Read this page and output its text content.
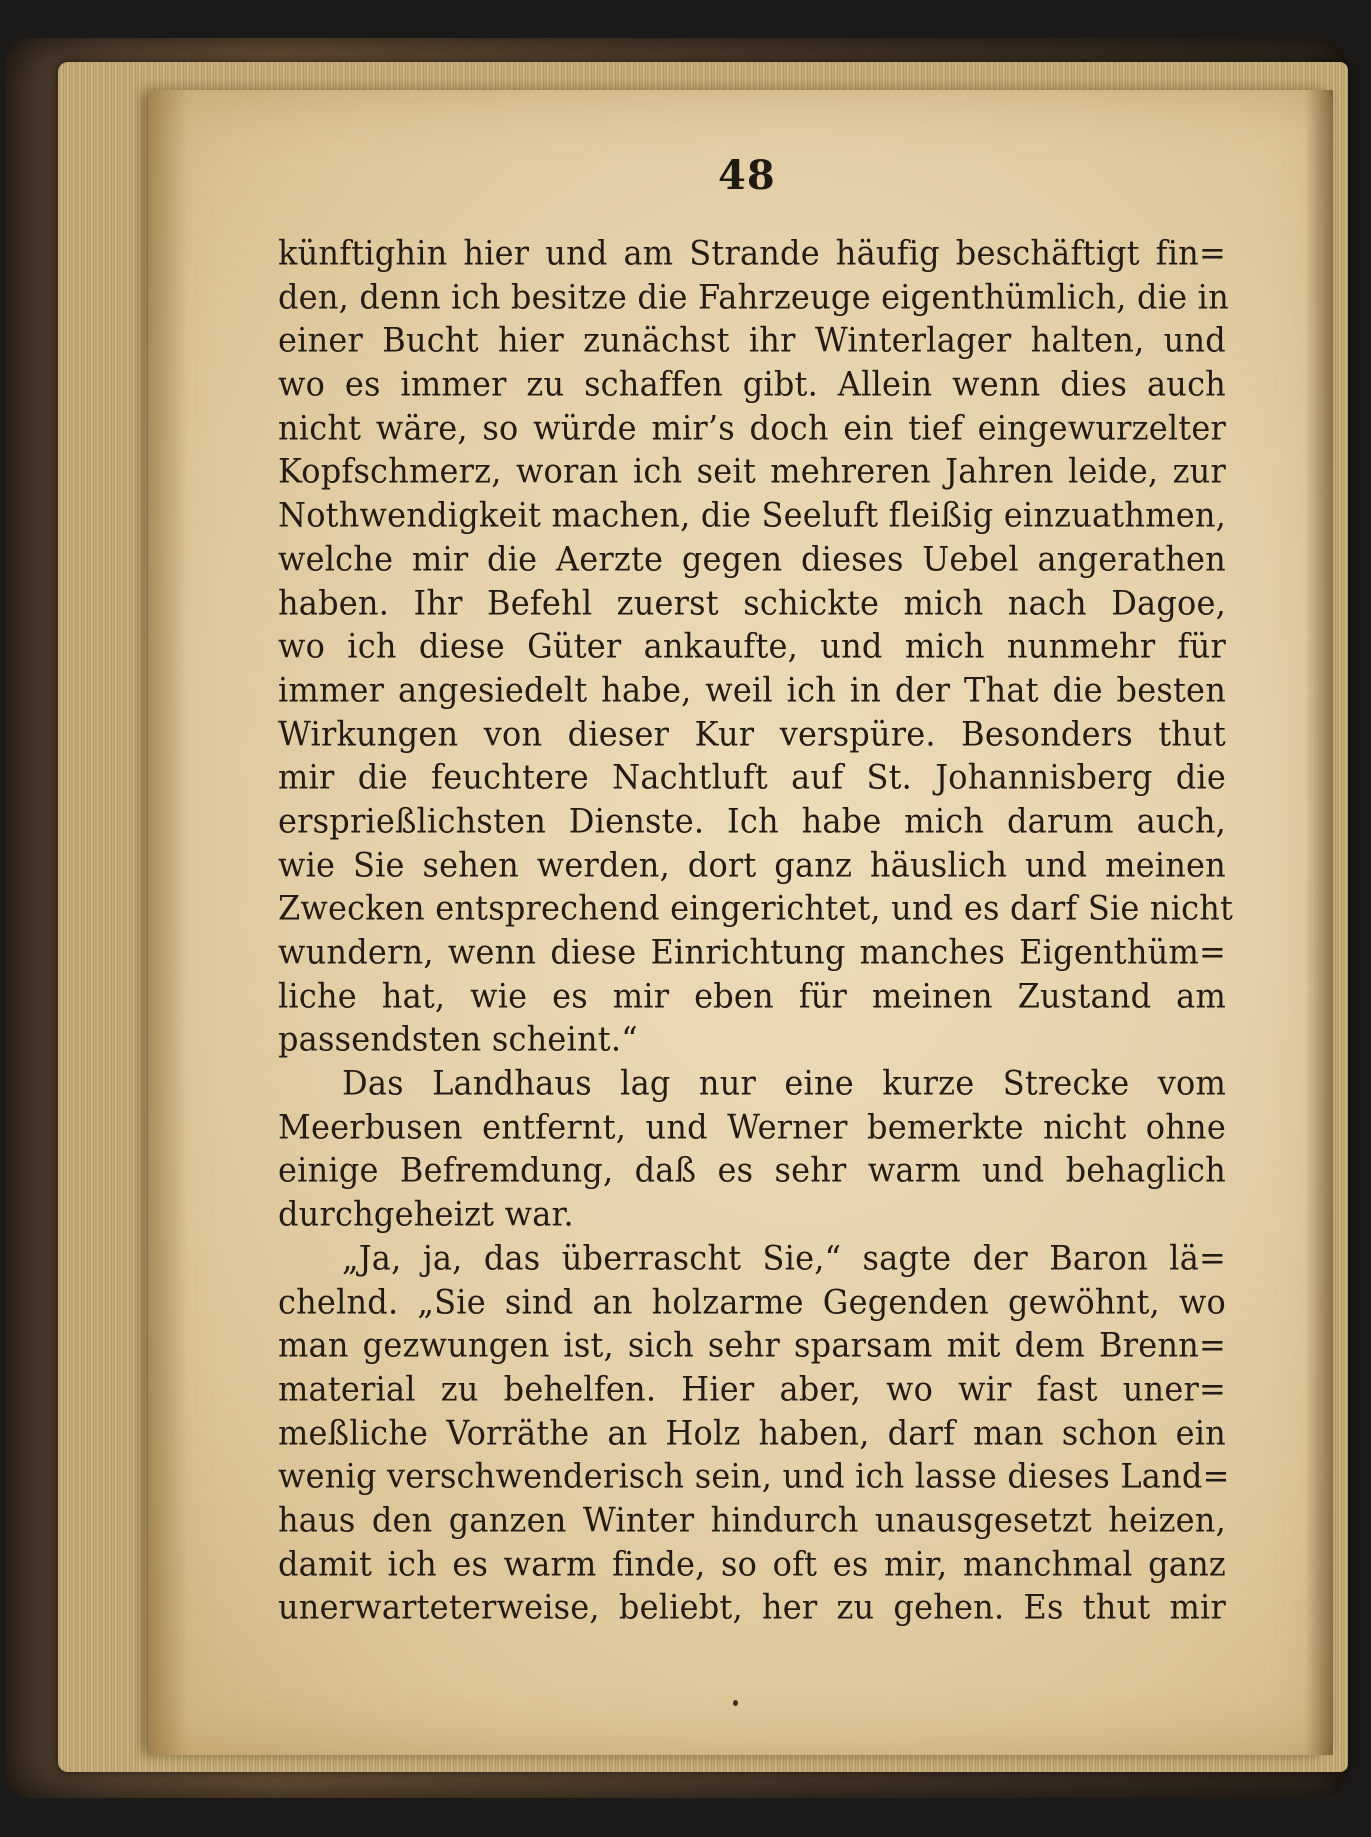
48
künftighin hier und am Strande häufig beschäftigt fin=
den, denn ich besitze die Fahrzeuge eigenthümlich, die in
einer Bucht hier zunächst ihr Winterlager halten, und
wo es immer zu schaffen gibt. Allein wenn dies auch
nicht wäre, so würde mir’s doch ein tief eingewurzelter
Kopfschmerz, woran ich seit mehreren Jahren leide, zur
Nothwendigkeit machen, die Seeluft fleißig einzuathmen,
welche mir die Aerzte gegen dieses Uebel angerathen
haben. Ihr Befehl zuerst schickte mich nach Dagoe,
wo ich diese Güter ankaufte, und mich nunmehr für
immer angesiedelt habe, weil ich in der That die besten
Wirkungen von dieser Kur verspüre. Besonders thut
mir die feuchtere Nachtluft auf St. Johannisberg die
ersprießlichsten Dienste. Ich habe mich darum auch,
wie Sie sehen werden, dort ganz häuslich und meinen
Zwecken entsprechend eingerichtet, und es darf Sie nicht
wundern, wenn diese Einrichtung manches Eigenthüm=
liche hat, wie es mir eben für meinen Zustand am
passendsten scheint.“
Das Landhaus lag nur eine kurze Strecke vom
Meerbusen entfernt, und Werner bemerkte nicht ohne
einige Befremdung, daß es sehr warm und behaglich
durchgeheizt war.
„Ja, ja, das überrascht Sie,“ sagte der Baron lä=
chelnd. „Sie sind an holzarme Gegenden gewöhnt, wo
man gezwungen ist, sich sehr sparsam mit dem Brenn=
material zu behelfen. Hier aber, wo wir fast uner=
meßliche Vorräthe an Holz haben, darf man schon ein
wenig verschwenderisch sein, und ich lasse dieses Land=
haus den ganzen Winter hindurch unausgesetzt heizen,
damit ich es warm finde, so oft es mir, manchmal ganz
unerwarteterweise, beliebt, her zu gehen. Es thut mir
